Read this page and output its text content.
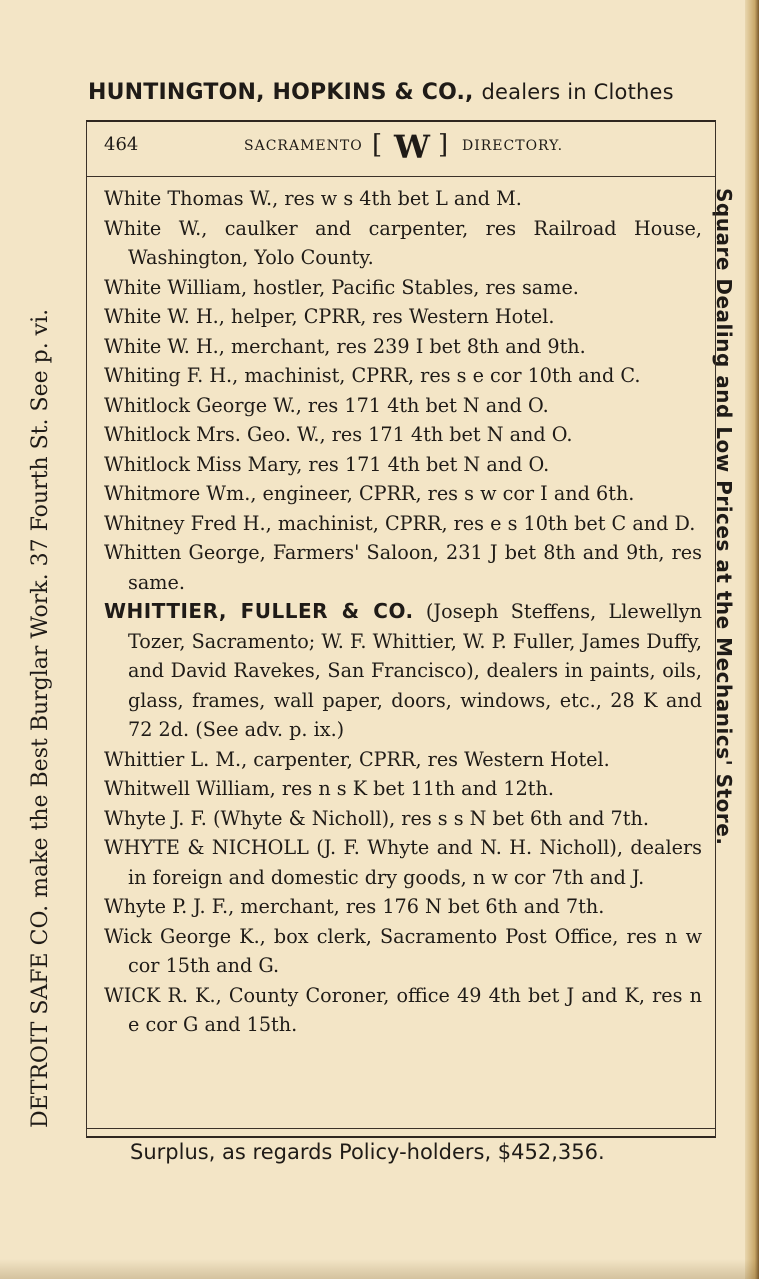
HUNTINGTON, HOPKINS & CO., dealers in Clothes
DETROIT SAFE CO. make the Best Burglar Work. 37 Fourth St. See p. vi.	Square Dealing and Low Prices at the Mechanics' Store.
464	SACRAMENTO [ W ] DIRECTORY.
White Thomas W., res w s 4th bet L and M.
White W., caulker and carpenter, res Railroad House, Washington, Yolo County.
White William, hostler, Pacific Stables, res same.
White W. H., helper, CPRR, res Western Hotel.
White W. H., merchant, res 239 I bet 8th and 9th.
Whiting F. H., machinist, CPRR, res s e cor 10th and C.
Whitlock George W., res 171 4th bet N and O.
Whitlock Mrs. Geo. W., res 171 4th bet N and O.
Whitlock Miss Mary, res 171 4th bet N and O.
Whitmore Wm., engineer, CPRR, res s w cor I and 6th.
Whitney Fred H., machinist, CPRR, res e s 10th bet C and D.
Whitten George, Farmers' Saloon, 231 J bet 8th and 9th, res same.
WHITTIER, FULLER & CO. (Joseph Steffens, Llewellyn Tozer, Sacramento; W. F. Whittier, W. P. Fuller, James Duffy, and David Ravekes, San Francisco), dealers in paints, oils, glass, frames, wall paper, doors, windows, etc., 28 K and 72 2d. (See adv. p. ix.)
Whittier L. M., carpenter, CPRR, res Western Hotel.
Whitwell William, res n s K bet 11th and 12th.
Whyte J. F. (Whyte & Nicholl), res s s N bet 6th and 7th.
WHYTE & NICHOLL (J. F. Whyte and N. H. Nicholl), dealers in foreign and domestic dry goods, n w cor 7th and J.
Whyte P. J. F., merchant, res 176 N bet 6th and 7th.
Wick George K., box clerk, Sacramento Post Office, res n w cor 15th and G.
WICK R. K., County Coroner, office 49 4th bet J and K, res n e cor G and 15th.
Surplus, as regards Policy-holders, $452,356.
